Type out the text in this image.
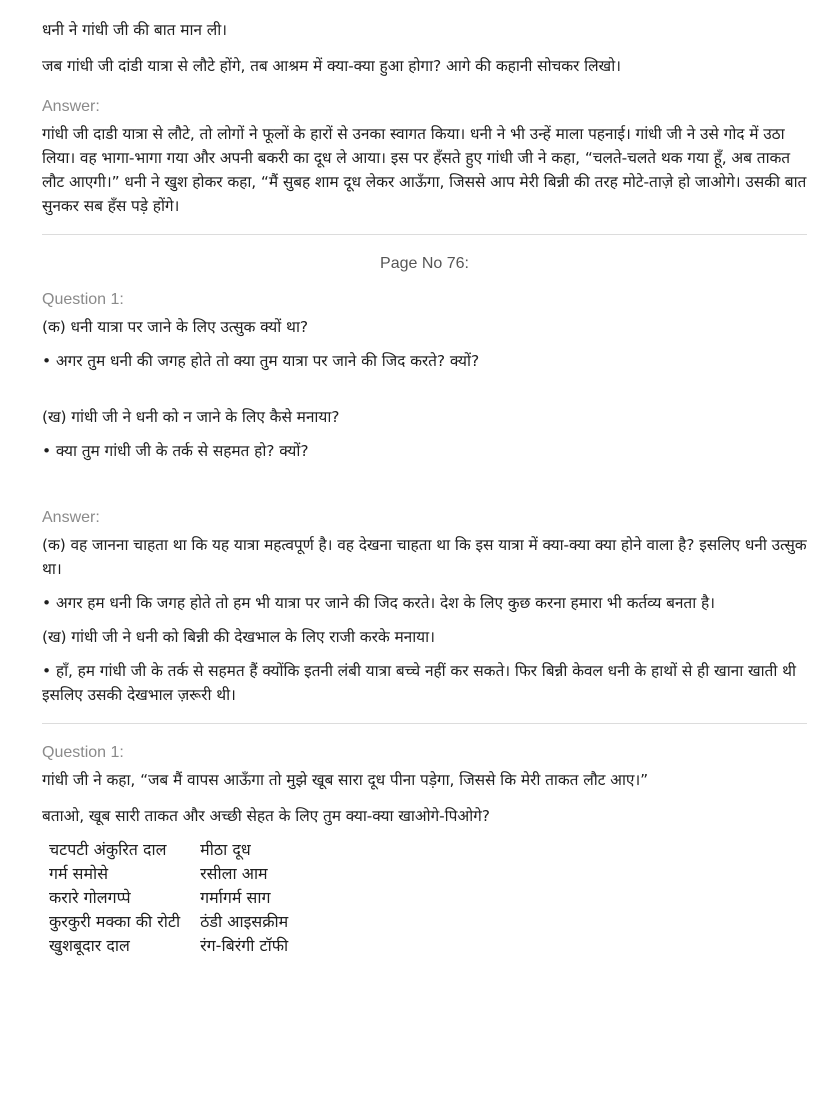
धनी ने गांधी जी की बात मान ली।

जब गांधी जी दांडी यात्रा से लौटे होंगे, तब आश्रम में क्या-क्या हुआ होगा? आगे की कहानी सोचकर लिखो।

Answer:

गांधी जी दाडी यात्रा से लौटे, तो लोगों ने फूलों के हारों से उनका स्वागत किया। धनी ने भी उन्हें माला पहनाई। गांधी जी ने उसे गोद में उठा लिया। वह भागा-भागा गया और अपनी बकरी का दूध ले आया। इस पर हँसते हुए गांधी जी ने कहा, “चलते-चलते थक गया हूँ, अब ताकत लौट आएगी।” धनी ने खुश होकर कहा, “मैं सुबह शाम दूध लेकर आऊँगा, जिससे आप मेरी बिन्नी की तरह मोटे-ताज़े हो जाओगे। उसकी बात सुनकर सब हँस पड़े होंगे।

Page No 76:

Question 1:

(क) धनी यात्रा पर जाने के लिए उत्सुक क्यों था?

• अगर तुम धनी की जगह होते तो क्या तुम यात्रा पर जाने की जिद करते? क्यों?

(ख) गांधी जी ने धनी को न जाने के लिए कैसे मनाया?

• क्या तुम गांधी जी के तर्क से सहमत हो? क्यों?

Answer:

(क) वह जानना चाहता था कि यह यात्रा महत्वपूर्ण है। वह देखना चाहता था कि इस यात्रा में क्या-क्या क्या होने वाला है? इसलिए धनी उत्सुक था।

• अगर हम धनी कि जगह होते तो हम भी यात्रा पर जाने की जिद करते। देश के लिए कुछ करना हमारा भी कर्तव्य बनता है।

(ख) गांधी जी ने धनी को बिन्नी की देखभाल के लिए राजी करके मनाया।

• हाँ, हम गांधी जी के तर्क से सहमत हैं क्योंकि इतनी लंबी यात्रा बच्चे नहीं कर सकते। फिर बिन्नी केवल धनी के हाथों से ही खाना खाती थी इसलिए उसकी देखभाल ज़रूरी थी।

Question 1:

गांधी जी ने कहा, “जब मैं वापस आऊँगा तो मुझे खूब सारा दूध पीना पड़ेगा, जिससे कि मेरी ताकत लौट आए।”

बताओ, खूब सारी ताकत और अच्छी सेहत के लिए तुम क्या-क्या खाओगे-पिओगे?

चटपटी अंकुरित दाल	मीठा दूध
गर्म समोसे	रसीला आम
करारे गोलगप्पे	गर्मागर्म साग
कुरकुरी मक्का की रोटी	ठंडी आइसक्रीम
खुशबूदार दाल	रंग-बिरंगी टॉफी
